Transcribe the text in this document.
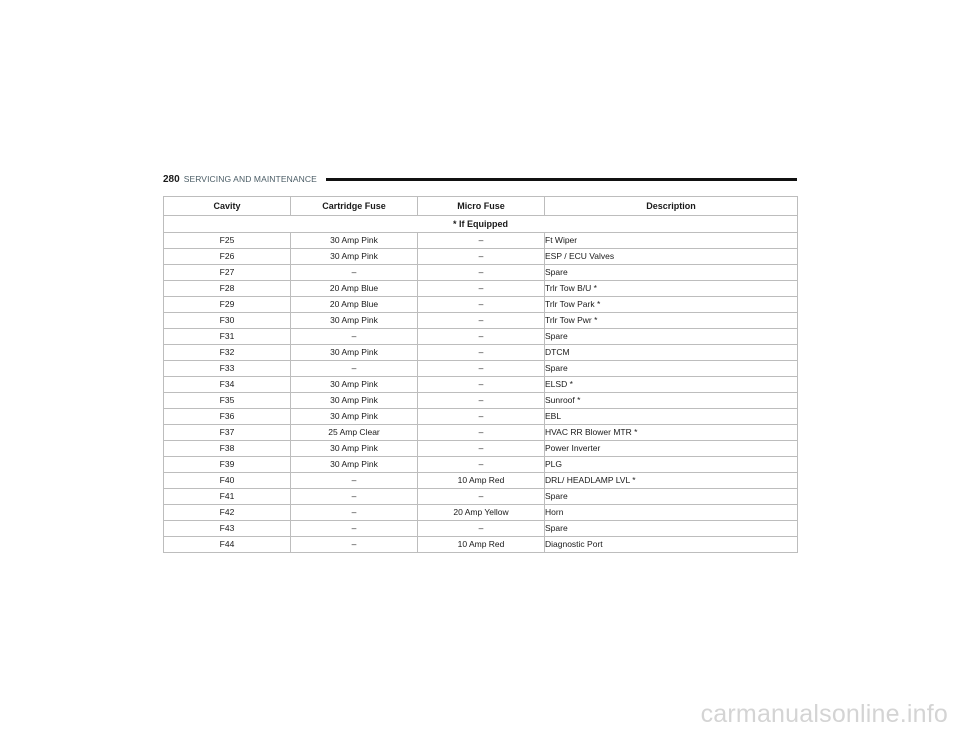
280 SERVICING AND MAINTENANCE
Cavity	Cartridge Fuse	Micro Fuse	Description
* If Equipped			
F25	30 Amp Pink	–	Ft Wiper
F26	30 Amp Pink	–	ESP / ECU Valves
F27	–	–	Spare
F28	20 Amp Blue	–	Trlr Tow B/U *
F29	20 Amp Blue	–	Trlr Tow Park *
F30	30 Amp Pink	–	Trlr Tow Pwr *
F31	–	–	Spare
F32	30 Amp Pink	–	DTCM
F33	–	–	Spare
F34	30 Amp Pink	–	ELSD *
F35	30 Amp Pink	–	Sunroof *
F36	30 Amp Pink	–	EBL
F37	25 Amp Clear	–	HVAC RR Blower MTR *
F38	30 Amp Pink	–	Power Inverter
F39	30 Amp Pink	–	PLG
F40	–	10 Amp Red	DRL/ HEADLAMP LVL *
F41	–	–	Spare
F42	–	20 Amp Yellow	Horn
F43	–	–	Spare
F44	–	10 Amp Red	Diagnostic Port
carmanualsonline.info
